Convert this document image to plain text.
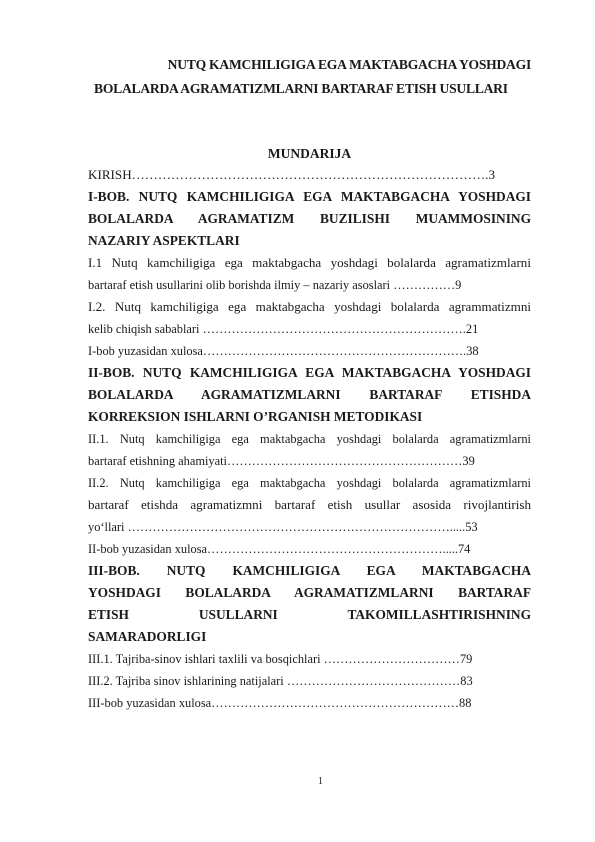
NUTQ KAMCHILIGIGA EGA MAKTABGACHA YOSHDAGI
BOLALARDA AGRAMATIZMLARNI BARTARAF ETISH USULLARI
MUNDARIJA
KIRISH……………………………………………………………………….3
I-BOB. NUTQ KAMCHILIGIGA EGA MAKTABGACHA YOSHDAGI
BOLALARDA AGRAMATIZM BUZILISHI MUAMMOSINING
NAZARIY ASPEKTLARI
I.1 Nutq kamchiligiga ega maktabgacha yoshdagi bolalarda agramatizmlarni
bartaraf etish usullarini olib borishda ilmiy – nazariy asoslari ……………9
I.2. Nutq kamchiligiga ega maktabgacha yoshdagi bolalarda agrammatizmni
kelib chiqish sabablari ……………………………………………………….21
I-bob yuzasidan xulosa……………………………………………………….38
II-BOB. NUTQ KAMCHILIGIGA EGA MAKTABGACHA YOSHDAGI
BOLALARDA AGRAMATIZMLARNI BARTARAF ETISHDA
KORREKSION ISHLARNI O’RGANISH METODIKASI
II.1. Nutq kamchiligiga ega maktabgacha yoshdagi bolalarda agramatizmlarni
bartaraf etishning ahamiyati…………………………………………………39
II.2. Nutq kamchiligiga ega maktabgacha yoshdagi bolalarda agramatizmlarni
bartaraf etishda agramatizmni bartaraf etish usullar asosida rivojlantirish
yo‘llari …………………………………………………………………….....53
II-bob yuzasidan xulosa………………………………………………….....74
III-BOB. NUTQ KAMCHILIGIGA EGA MAKTABGACHA
YOSHDAGI BOLALARDA AGRAMATIZMLARNI BARTARAF
ETISH USULLARNI TAKOMILLASHTIRISHNING
SAMARADORLIGI
III.1. Tajriba-sinov ishlari taxlili va bosqichlari ……………………………79
III.2. Tajriba sinov ishlarining natijalari ……………………………………83
III-bob yuzasidan xulosa……………………………………………………88
1
